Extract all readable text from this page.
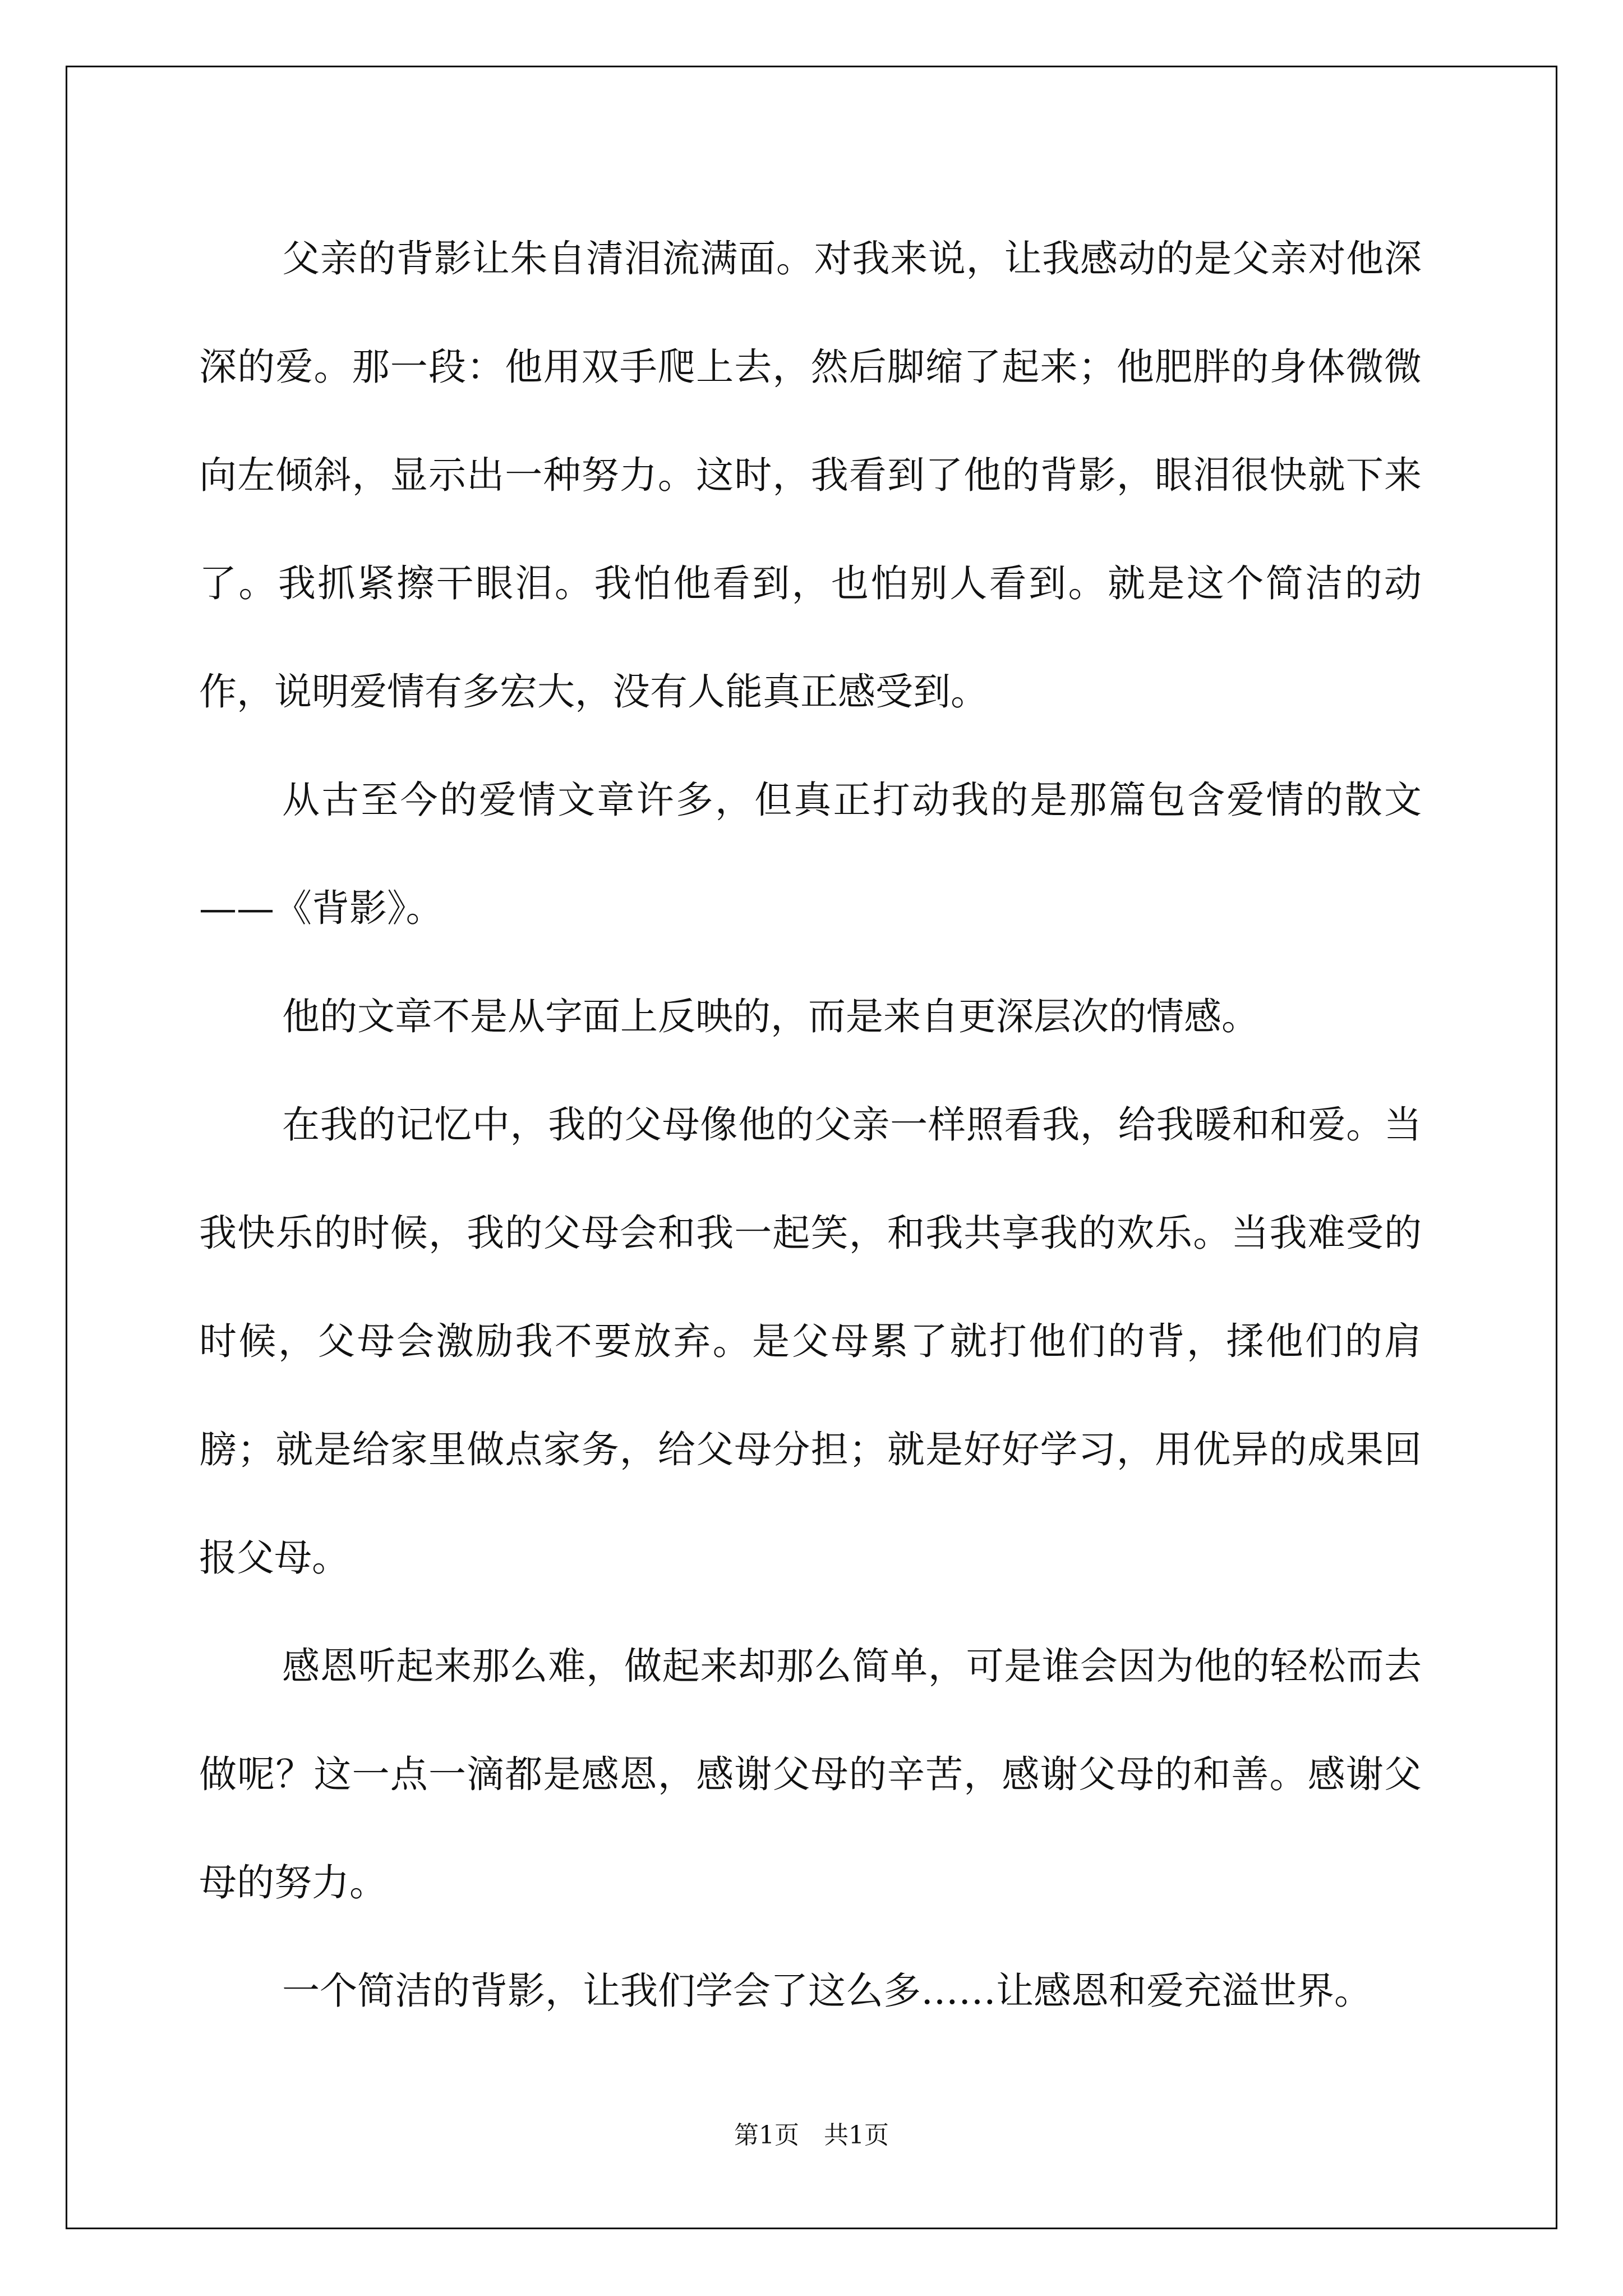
父亲的背影让朱自清泪流满面。对我来说，让我感动的是父亲对他深深的爱。那一段：他用双手爬上去，然后脚缩了起来；他肥胖的身体微微向左倾斜，显示出一种努力。这时，我看到了他的背影，眼泪很快就下来了。我抓紧擦干眼泪。我怕他看到，也怕别人看到。就是这个简洁的动作，说明爱情有多宏大，没有人能真正感受到。

从古至今的爱情文章许多，但真正打动我的是那篇包含爱情的散文——《背影》。

他的文章不是从字面上反映的，而是来自更深层次的情感。

在我的记忆中，我的父母像他的父亲一样照看我，给我暖和和爱。当我快乐的时候，我的父母会和我一起笑，和我共享我的欢乐。当我难受的时候，父母会激励我不要放弃。是父母累了就打他们的背，揉他们的肩膀；就是给家里做点家务，给父母分担；就是好好学习，用优异的成果回报父母。

感恩听起来那么难，做起来却那么简单，可是谁会因为他的轻松而去做呢？这一点一滴都是感恩，感谢父母的辛苦，感谢父母的和善。感谢父母的努力。

一个简洁的背影，让我们学会了这么多……让感恩和爱充溢世界。

第1页　共1页
